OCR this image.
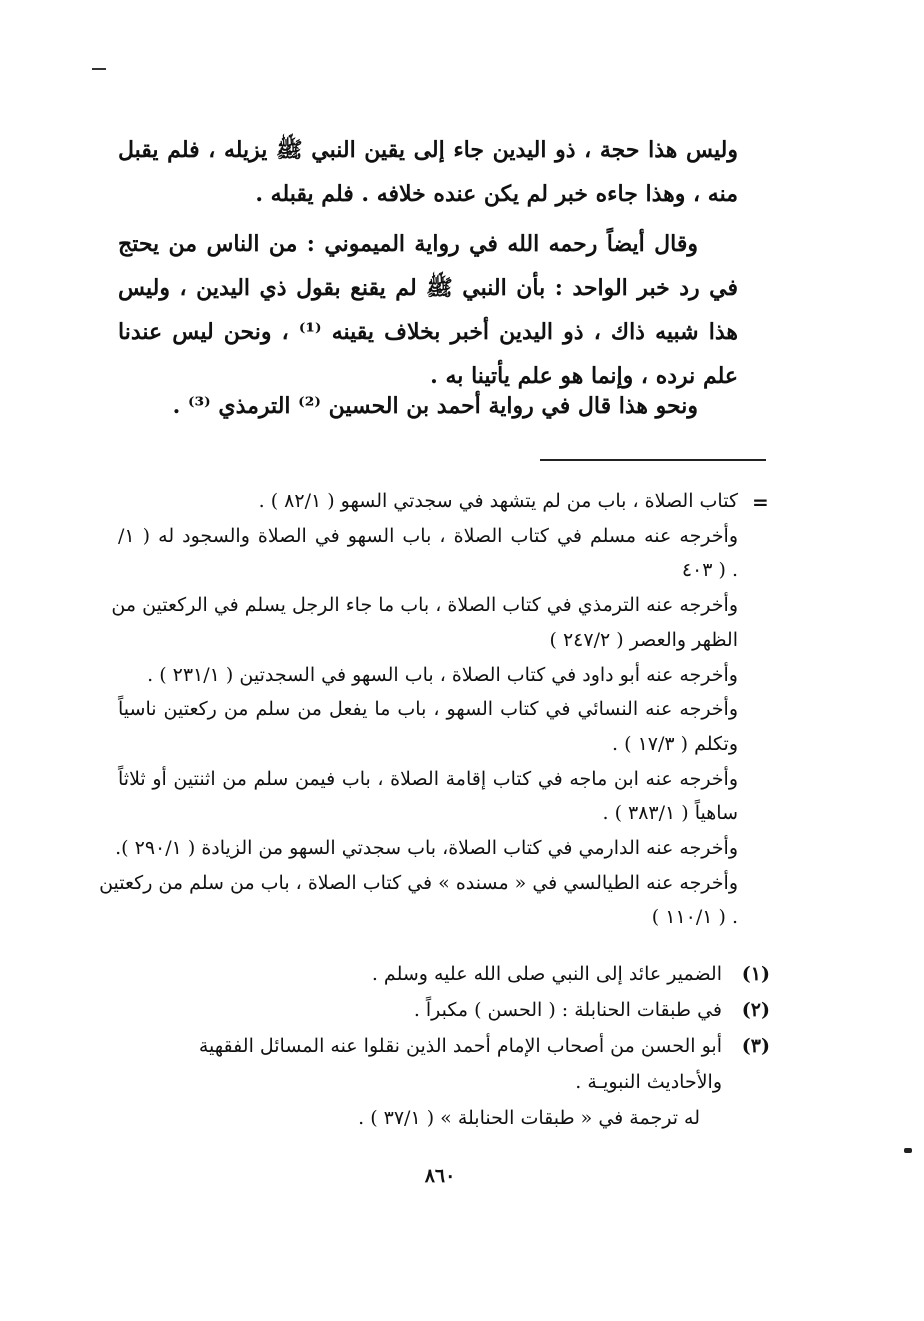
وليس هذا حجة ، ذو اليدين جاء إلى يقين النبي ﷺ يزيله ، فلم يقبل منه ، وهذا جاءه خبر لم يكن عنده خلافه . فلم يقبله .
وقال أيضاً رحمه الله في رواية الميموني : من الناس من يحتج في رد خبر الواحد : بأن النبي ﷺ لم يقنع بقول ذي اليدين ، وليس هذا شبيه ذاك ، ذو اليدين أخبر بخلاف يقينه ⁽¹⁾ ، ونحن ليس عندنا علم نرده ، وإنما هو علم يأتينا به .
ونحو هذا قال في رواية أحمد بن الحسين ⁽²⁾ الترمذي ⁽³⁾ .
=
كتاب الصلاة ، باب من لم يتشهد في سجدتي السهو ( ٨٢/١ ) .
وأخرجه عنه مسلم في كتاب الصلاة ، باب السهو في الصلاة والسجود له ( ١/
. ( ٤٠٣
وأخرجه عنه الترمذي في كتاب الصلاة ، باب ما جاء الرجل يسلم في الركعتين من
الظهر والعصر ( ٢٤٧/٢ )
وأخرجه عنه أبو داود في كتاب الصلاة ، باب السهو في السجدتين ( ٢٣١/١ ) .
وأخرجه عنه النسائي في كتاب السهو ، باب ما يفعل من سلم من ركعتين ناسياً
وتكلم ( ١٧/٣ ) .
وأخرجه عنه ابن ماجه في كتاب إقامة الصلاة ، باب فيمن سلم من اثنتين أو ثلاثاً
ساهياً ( ٣٨٣/١ ) .
وأخرجه عنه الدارمي في كتاب الصلاة، باب سجدتي السهو من الزيادة ( ٢٩٠/١ ).
وأخرجه عنه الطيالسي في « مسنده » في كتاب الصلاة ، باب من سلم من ركعتين
. ( ١١٠/١ )
(١)
الضمير عائد إلى النبي صلى الله عليه وسلم .
(٢)
في طبقات الحنابلة : ( الحسن ) مكبراً .
(٣)
أبو الحسن من أصحاب الإمام أحمد الذين نقلوا عنه المسائل الفقهية والأحاديث النبويـة .
له ترجمة في « طبقات الحنابلة » ( ٣٧/١ ) .
٨٦٠
